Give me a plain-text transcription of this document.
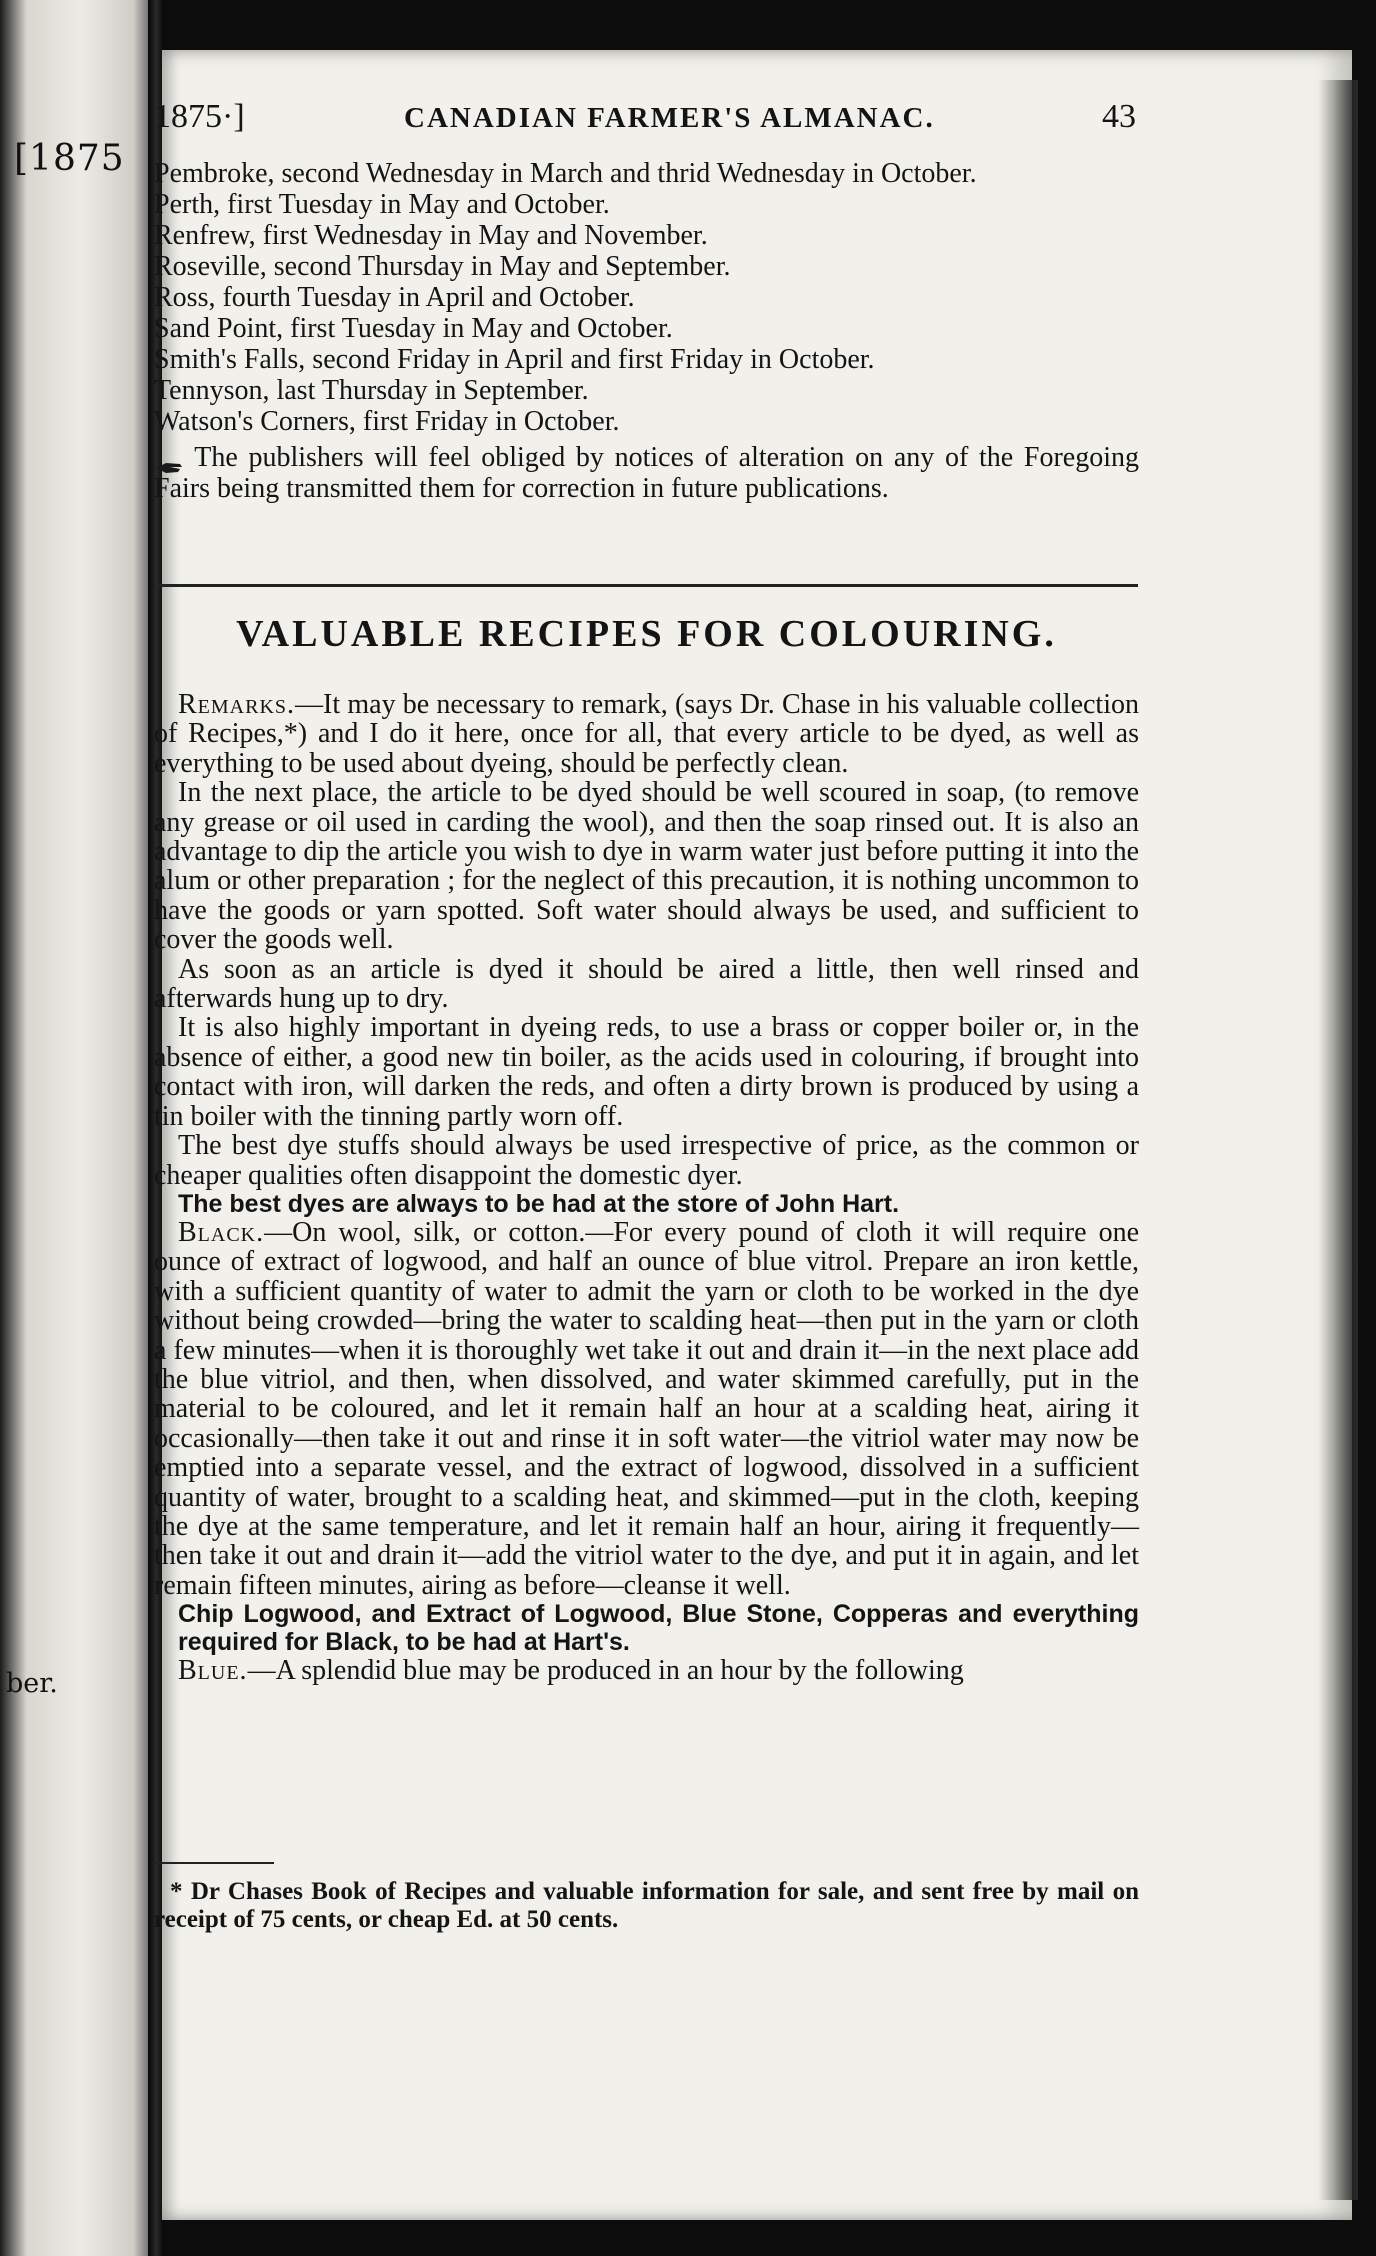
[1875
ber.
1875·]	CANADIAN FARMER'S ALMANAC.	43
Pembroke, second Wednesday in March and thrid Wednesday in October.
Perth, first Tuesday in May and October.
Renfrew, first Wednesday in May and November.
Roseville, second Thursday in May and September.
Ross, fourth Tuesday in April and October.
Sand Point, first Tuesday in May and October.
Smith's Falls, second Friday in April and first Friday in October.
Tennyson, last Thursday in September.
Watson's Corners, first Friday in October.
The publishers will feel obliged by notices of alteration on any of the Foregoing Fairs being transmitted them for correction in future publications.
VALUABLE RECIPES FOR COLOURING.

Remarks.—It may be necessary to remark, (says Dr. Chase in his valuable collection of Recipes,*) and I do it here, once for all, that every article to be dyed, as well as everything to be used about dyeing, should be perfectly clean.

In the next place, the article to be dyed should be well scoured in soap, (to remove any grease or oil used in carding the wool), and then the soap rinsed out. It is also an advantage to dip the article you wish to dye in warm water just before putting it into the alum or other preparation ; for the neglect of this precaution, it is nothing uncommon to have the goods or yarn spotted. Soft water should always be used, and sufficient to cover the goods well.

As soon as an article is dyed it should be aired a little, then well rinsed and afterwards hung up to dry.

It is also highly important in dyeing reds, to use a brass or copper boiler or, in the absence of either, a good new tin boiler, as the acids used in colouring, if brought into contact with iron, will darken the reds, and often a dirty brown is produced by using a tin boiler with the tinning partly worn off.

The best dye stuffs should always be used irrespective of price, as the common or cheaper qualities often disappoint the domestic dyer.

The best dyes are always to be had at the store of John Hart.

Black.—On wool, silk, or cotton.—For every pound of cloth it will require one ounce of extract of logwood, and half an ounce of blue vitrol. Prepare an iron kettle, with a sufficient quantity of water to admit the yarn or cloth to be worked in the dye without being crowded—bring the water to scalding heat—then put in the yarn or cloth a few minutes—when it is thoroughly wet take it out and drain it—in the next place add the blue vitriol, and then, when dissolved, and water skimmed carefully, put in the material to be coloured, and let it remain half an hour at a scalding heat, airing it occasionally—then take it out and rinse it in soft water—the vitriol water may now be emptied into a separate vessel, and the extract of logwood, dissolved in a sufficient quantity of water, brought to a scalding heat, and skimmed—put in the cloth, keeping the dye at the same temperature, and let it remain half an hour, airing it frequently—then take it out and drain it—add the vitriol water to the dye, and put it in again, and let remain fifteen minutes, airing as before—cleanse it well.

Chip Logwood, and Extract of Logwood, Blue Stone, Copperas and everything required for Black, to be had at Hart's.

Blue.—A splendid blue may be produced in an hour by the following

* Dr Chases Book of Recipes and valuable information for sale, and sent free by mail on receipt of 75 cents, or cheap Ed. at 50 cents.
